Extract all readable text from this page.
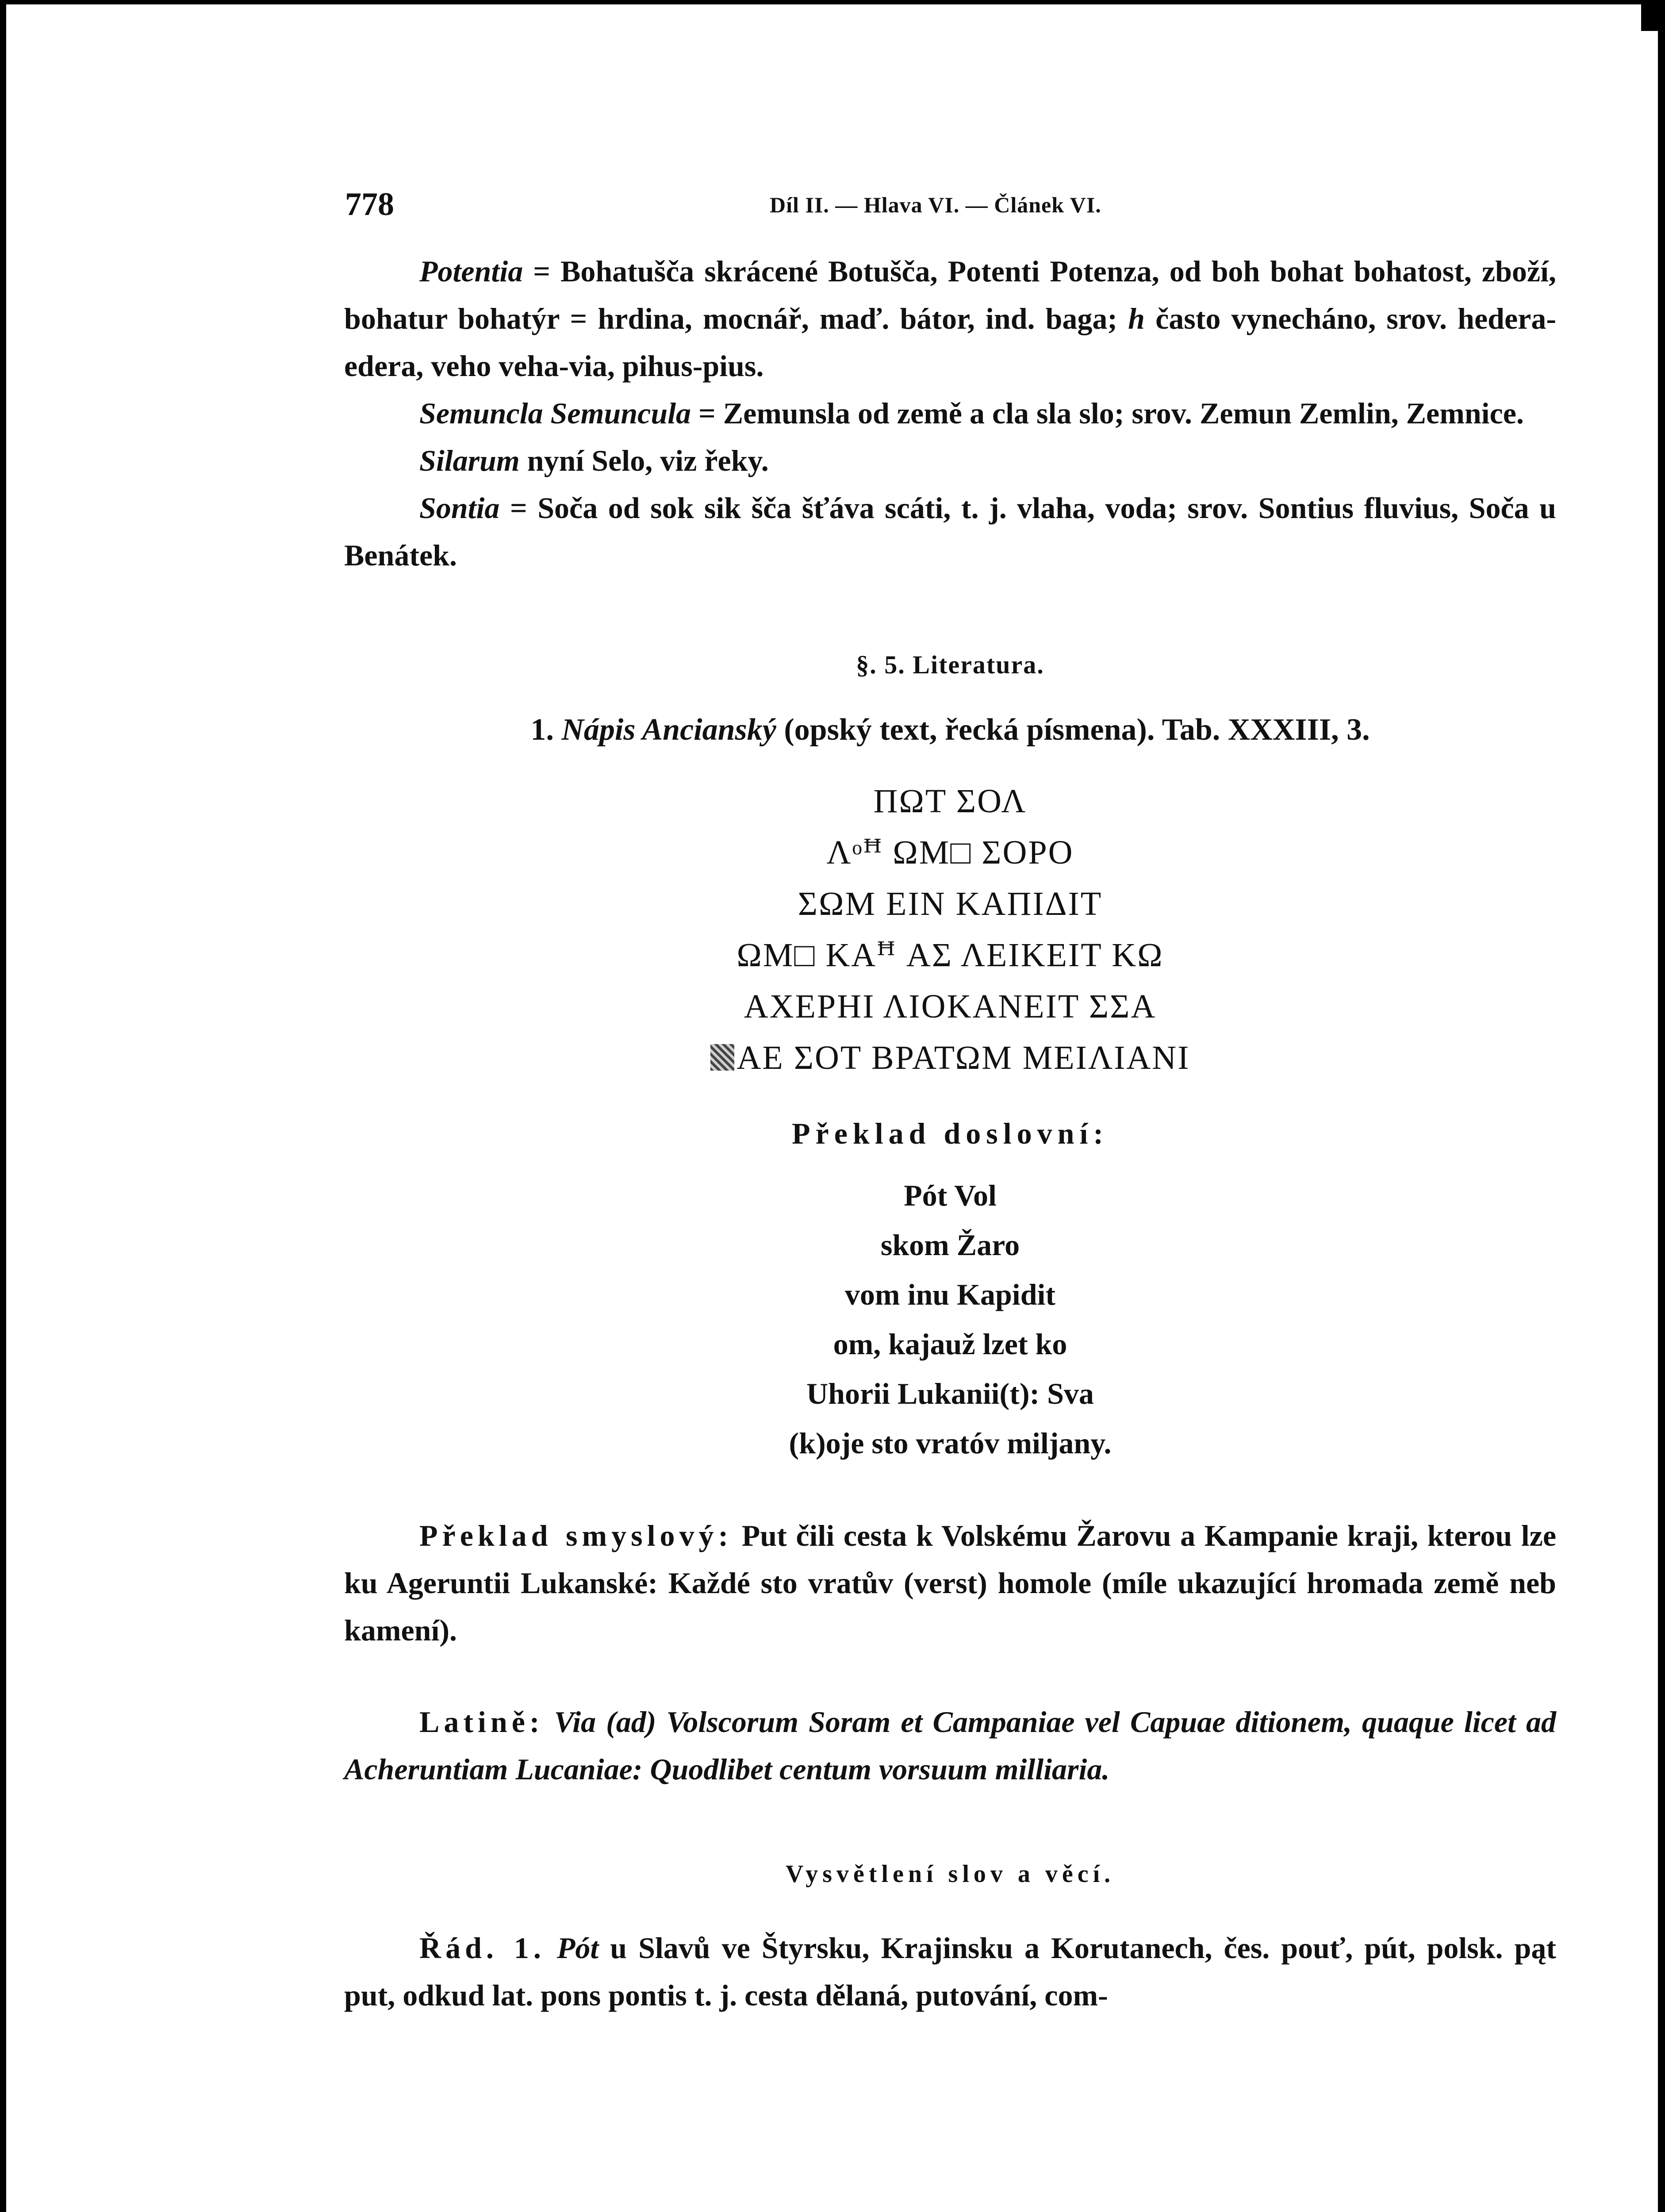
778	Díl II. — Hlava VI. — Článek VI.

Potentia = Bohatušča skrácené Botušča, Potenti Potenza, od boh bohat bohatost, zboží, bohatur bohatýr = hrdina, mocnář, maď. bátor, ind. baga; h často vynecháno, srov. hedera-edera, veho veha-via, pihus-pius.

Semuncla Semuncula = Zemunsla od země a cla sla slo; srov. Zemun Zemlin, Zemnice.

Silarum nyní Selo, viz řeky.

Sontia = Soča od sok sik šča šťáva scáti, t. j. vlaha, voda; srov. Sontius fluvius, Soča u Benátek.

§. 5. Literatura.
1. Nápis Ancianský (opský text, řecká písmena). Tab. XXXIII, 3.
ΠΩΤ ΣΟΛ
Λᵒꟸ ΩΜ□ ΣΟΡΟ
ΣΩΜ ΕΙΝ ΚΑΠΙΔΙΤ
ΩΜ□ ΚΑꟸ ΑΣ ΛΕΙΚΕΙΤ ΚΩ
ΑΧΕΡΗΙ ΛΙΟΚΑΝΕΙΤ ΣΣΑ
ΑΕ ΣΟΤ ΒΡΑΤΩΜ ΜΕΙΛΙΑΝΙ
Překlad doslovní:
Pót Vol
skom Žaro
vom inu Kapidit
om, kajauž lzet ko
Uhorii Lukanii(t): Sva
(k)oje sto vratóv miljany.

Překlad smyslový: Put čili cesta k Volskému Žarovu a Kampanie kraji, kterou lze ku Ageruntii Lukanské: Každé sto vratův (verst) homole (míle ukazující hromada země neb kamení).

Latině: Via (ad) Volscorum Soram et Campaniae vel Capuae ditionem, quaque licet ad Acheruntiam Lucaniae: Quodlibet centum vorsuum milliaria.

Vysvětlení slov a věcí.

Řád. 1. Pót u Slavů ve Štyrsku, Krajinsku a Korutanech, čes. pouť, pút, polsk. pąt put, odkud lat. pons pontis t. j. cesta dělaná, putování, com-
